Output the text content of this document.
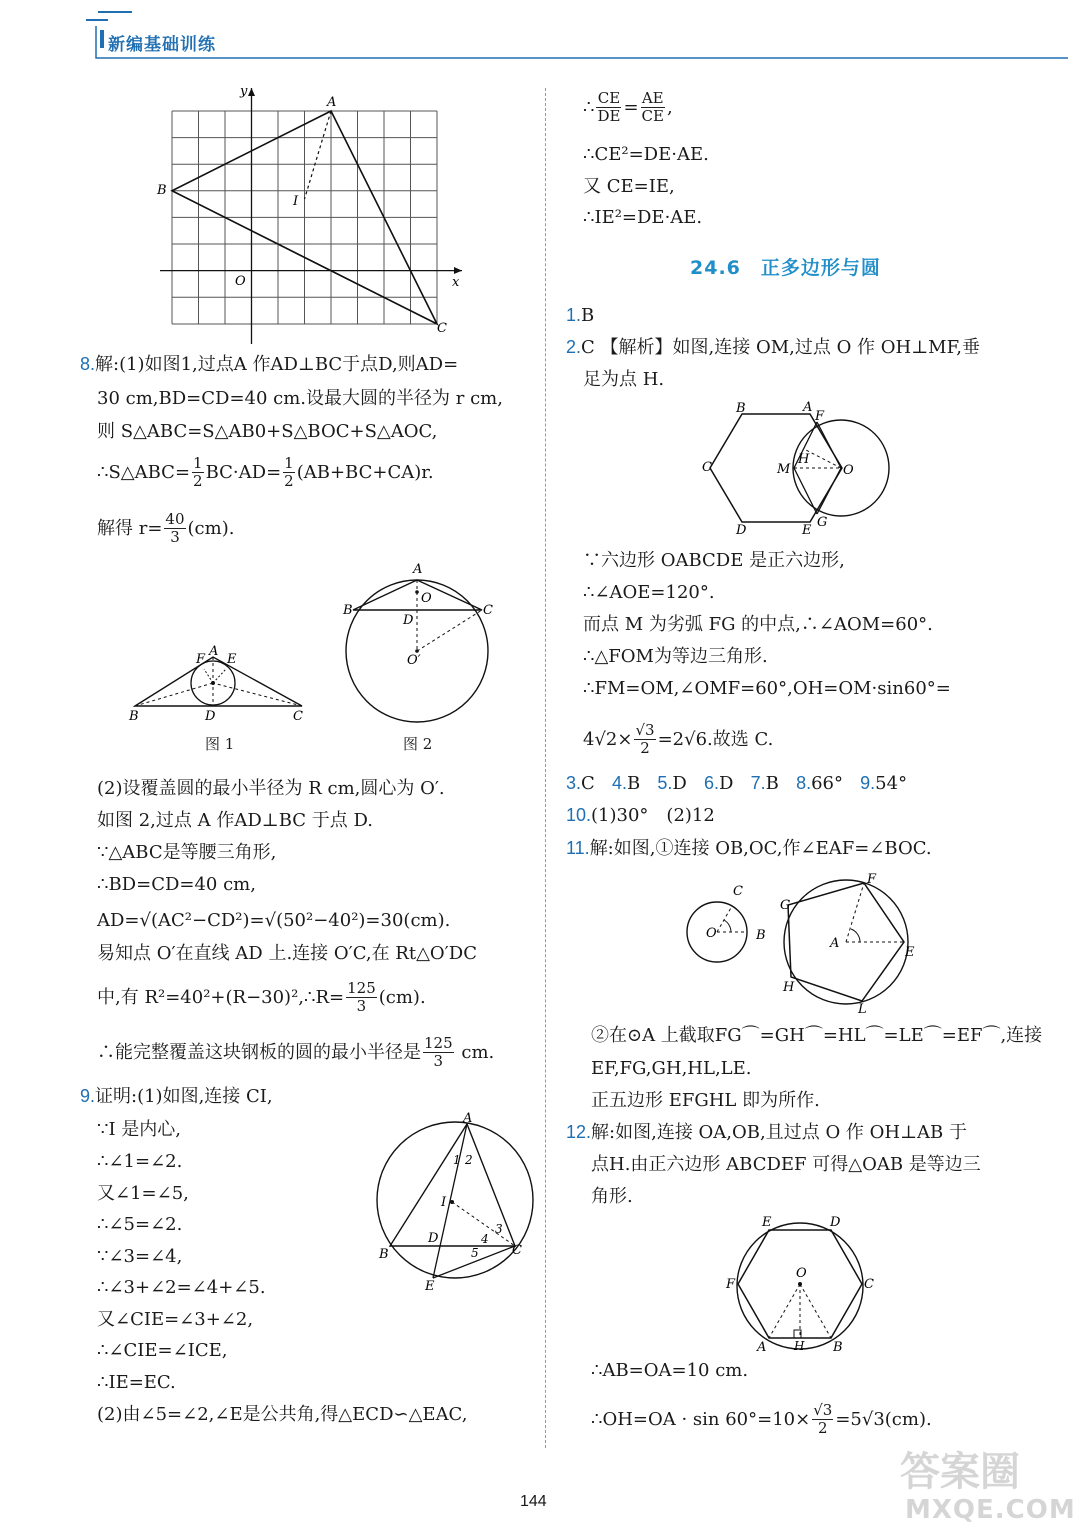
新编基础训练
y
x
A
B
C
O
I
8.解:(1)如图1,过点A 作AD⊥BC于点D,则AD=
30 cm,BD=CD=40 cm.设最大圆的半径为 r cm,
则 S△ABC=S△AB0+S△BOC+S△AOC,
∴S△ABC= $\frac{1}{2} BC\cdot AD= \frac{1}{2} (AB+BC+CA)r$.
解得 $r= \frac{40}{3} (cm)$.
A
B	C
D
E
F
图 1
A
B	C
D
O
O′
图 2
(2)设覆盖圆的最小半径为 R cm,圆心为 O′.
如图 2,过点 A 作AD⊥BC 于点 D.
∵△ABC是等腰三角形,
∴BD=CD=40 cm,
AD=√(AC²−CD²)=√(50²−40²)=30(cm).
易知点 O′在直线 AD 上.连接 O′C,在 Rt△O′DC
中,有 R²=40²+(R−30)²,∴R= $\frac{125}{3} (cm)$.
∴能完整覆盖这块钢板的圆的最小半径是 $\frac{125}{3}$ cm.
9.证明:(1)如图,连接 CI,
∵I 是内心,
∴∠1=∠2.
又∠1=∠5,
∴∠5=∠2.
∵∠3=∠4,
∴∠3+∠2=∠4+∠5.
又∠CIE=∠3+∠2,
∴∠CIE=∠ICE,
∴IE=EC.
(2)由∠5=∠2,∠E是公共角,得△ECD∽△EAC,
A
B	C
D
E
I
1 2
3
4
5
∴ $\frac{CE}{DE} = \frac{AE}{CE}$ ,
∴CE²=DE·AE.
又 CE=IE,
∴IE²=DE·AE.
24.6　正多边形与圆
1.B
2.C 【解析】如图,连接 OM,过点 O 作 OH⊥MF,垂
足为点 H.
B	A
F
C
D	E
G
M
H
O
∵六边形 OABCDE 是正六边形,
∴∠AOE=120°.
而点 M 为劣弧 FG 的中点,∴∠AOM=60°.
∴△FOM为等边三角形.
∴FM=OM,∠OMF=60°,OH=OM·sin60°=
$4√2\times \frac{√3}{2} =2√6$.故选 C.
3.C 4.B 5.D 6.D 7.B 8.66° 9.54°
10.(1)30°　(2)12
11.解:如图,①连接 OB,OC,作∠EAF=∠BOC.
C
O	B
A
E
F
G
H
L
②在⊙A 上截取FG⌒=GH⌒=HL⌒=LE⌒=EF⌒,连接
EF,FG,GH,HL,LE.
正五边形 EFGHL 即为所作.
12.解:如图,连接 OA,OB,且过点 O 作 OH⊥AB 于
点H.由正六边形 ABCDEF 可得△OAB 是等边三
角形.
O
E	D
F	C
A	B
H
∴AB=OA=10 cm.
∴OH=OA · $\sin 60^\circ=10\times \frac{√3}{2} =5√3(cm)$.
144
答案圈
MXQE.COM
